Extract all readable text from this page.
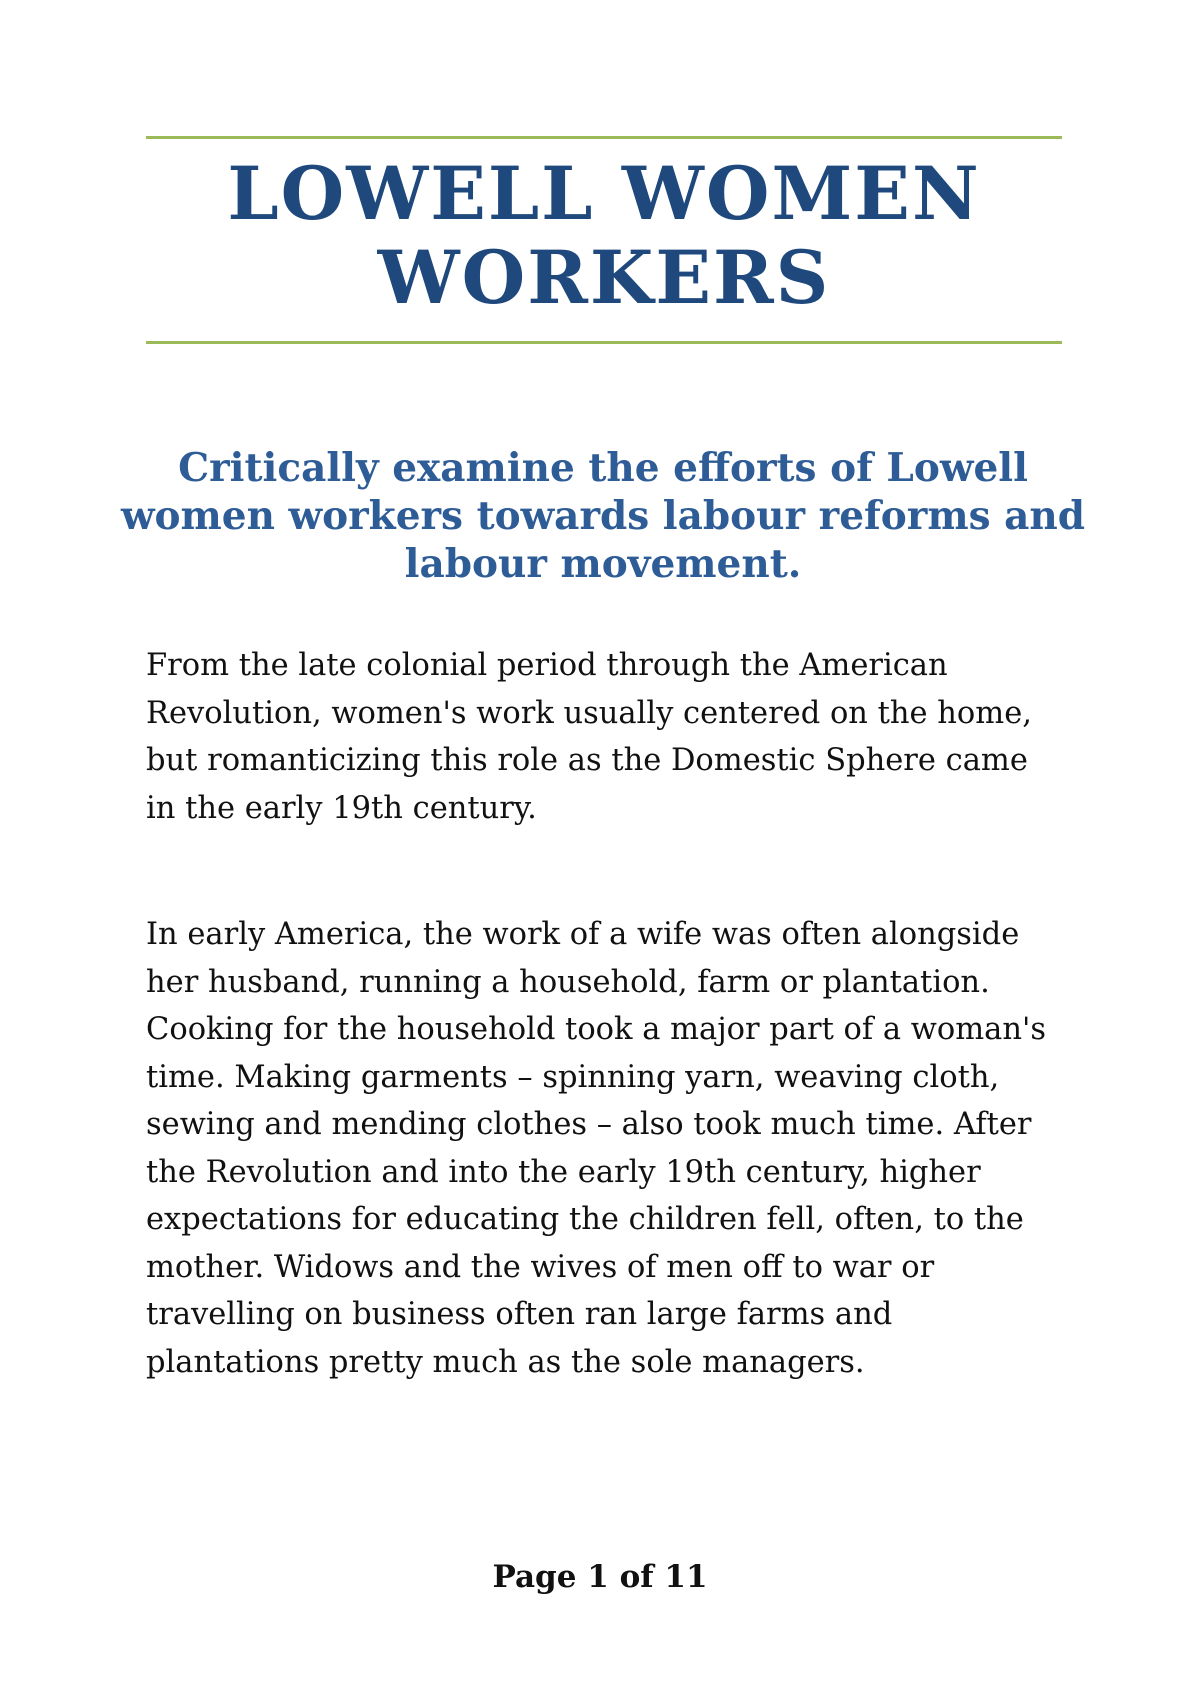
LOWELL WOMEN WORKERS
Critically examine the efforts of Lowell women workers towards labour reforms and labour movement.

From the late colonial period through the American Revolution, women's work usually centered on the home, but romanticizing this role as the Domestic Sphere came in the early 19th century.

In early America, the work of a wife was often alongside her husband, running a household, farm or plantation. Cooking for the household took a major part of a woman's time. Making garments – spinning yarn, weaving cloth, sewing and mending clothes – also took much time. After the Revolution and into the early 19th century, higher expectations for educating the children fell, often, to the mother. Widows and the wives of men off to war or travelling on business often ran large farms and plantations pretty much as the sole managers.

Page 1 of 11
